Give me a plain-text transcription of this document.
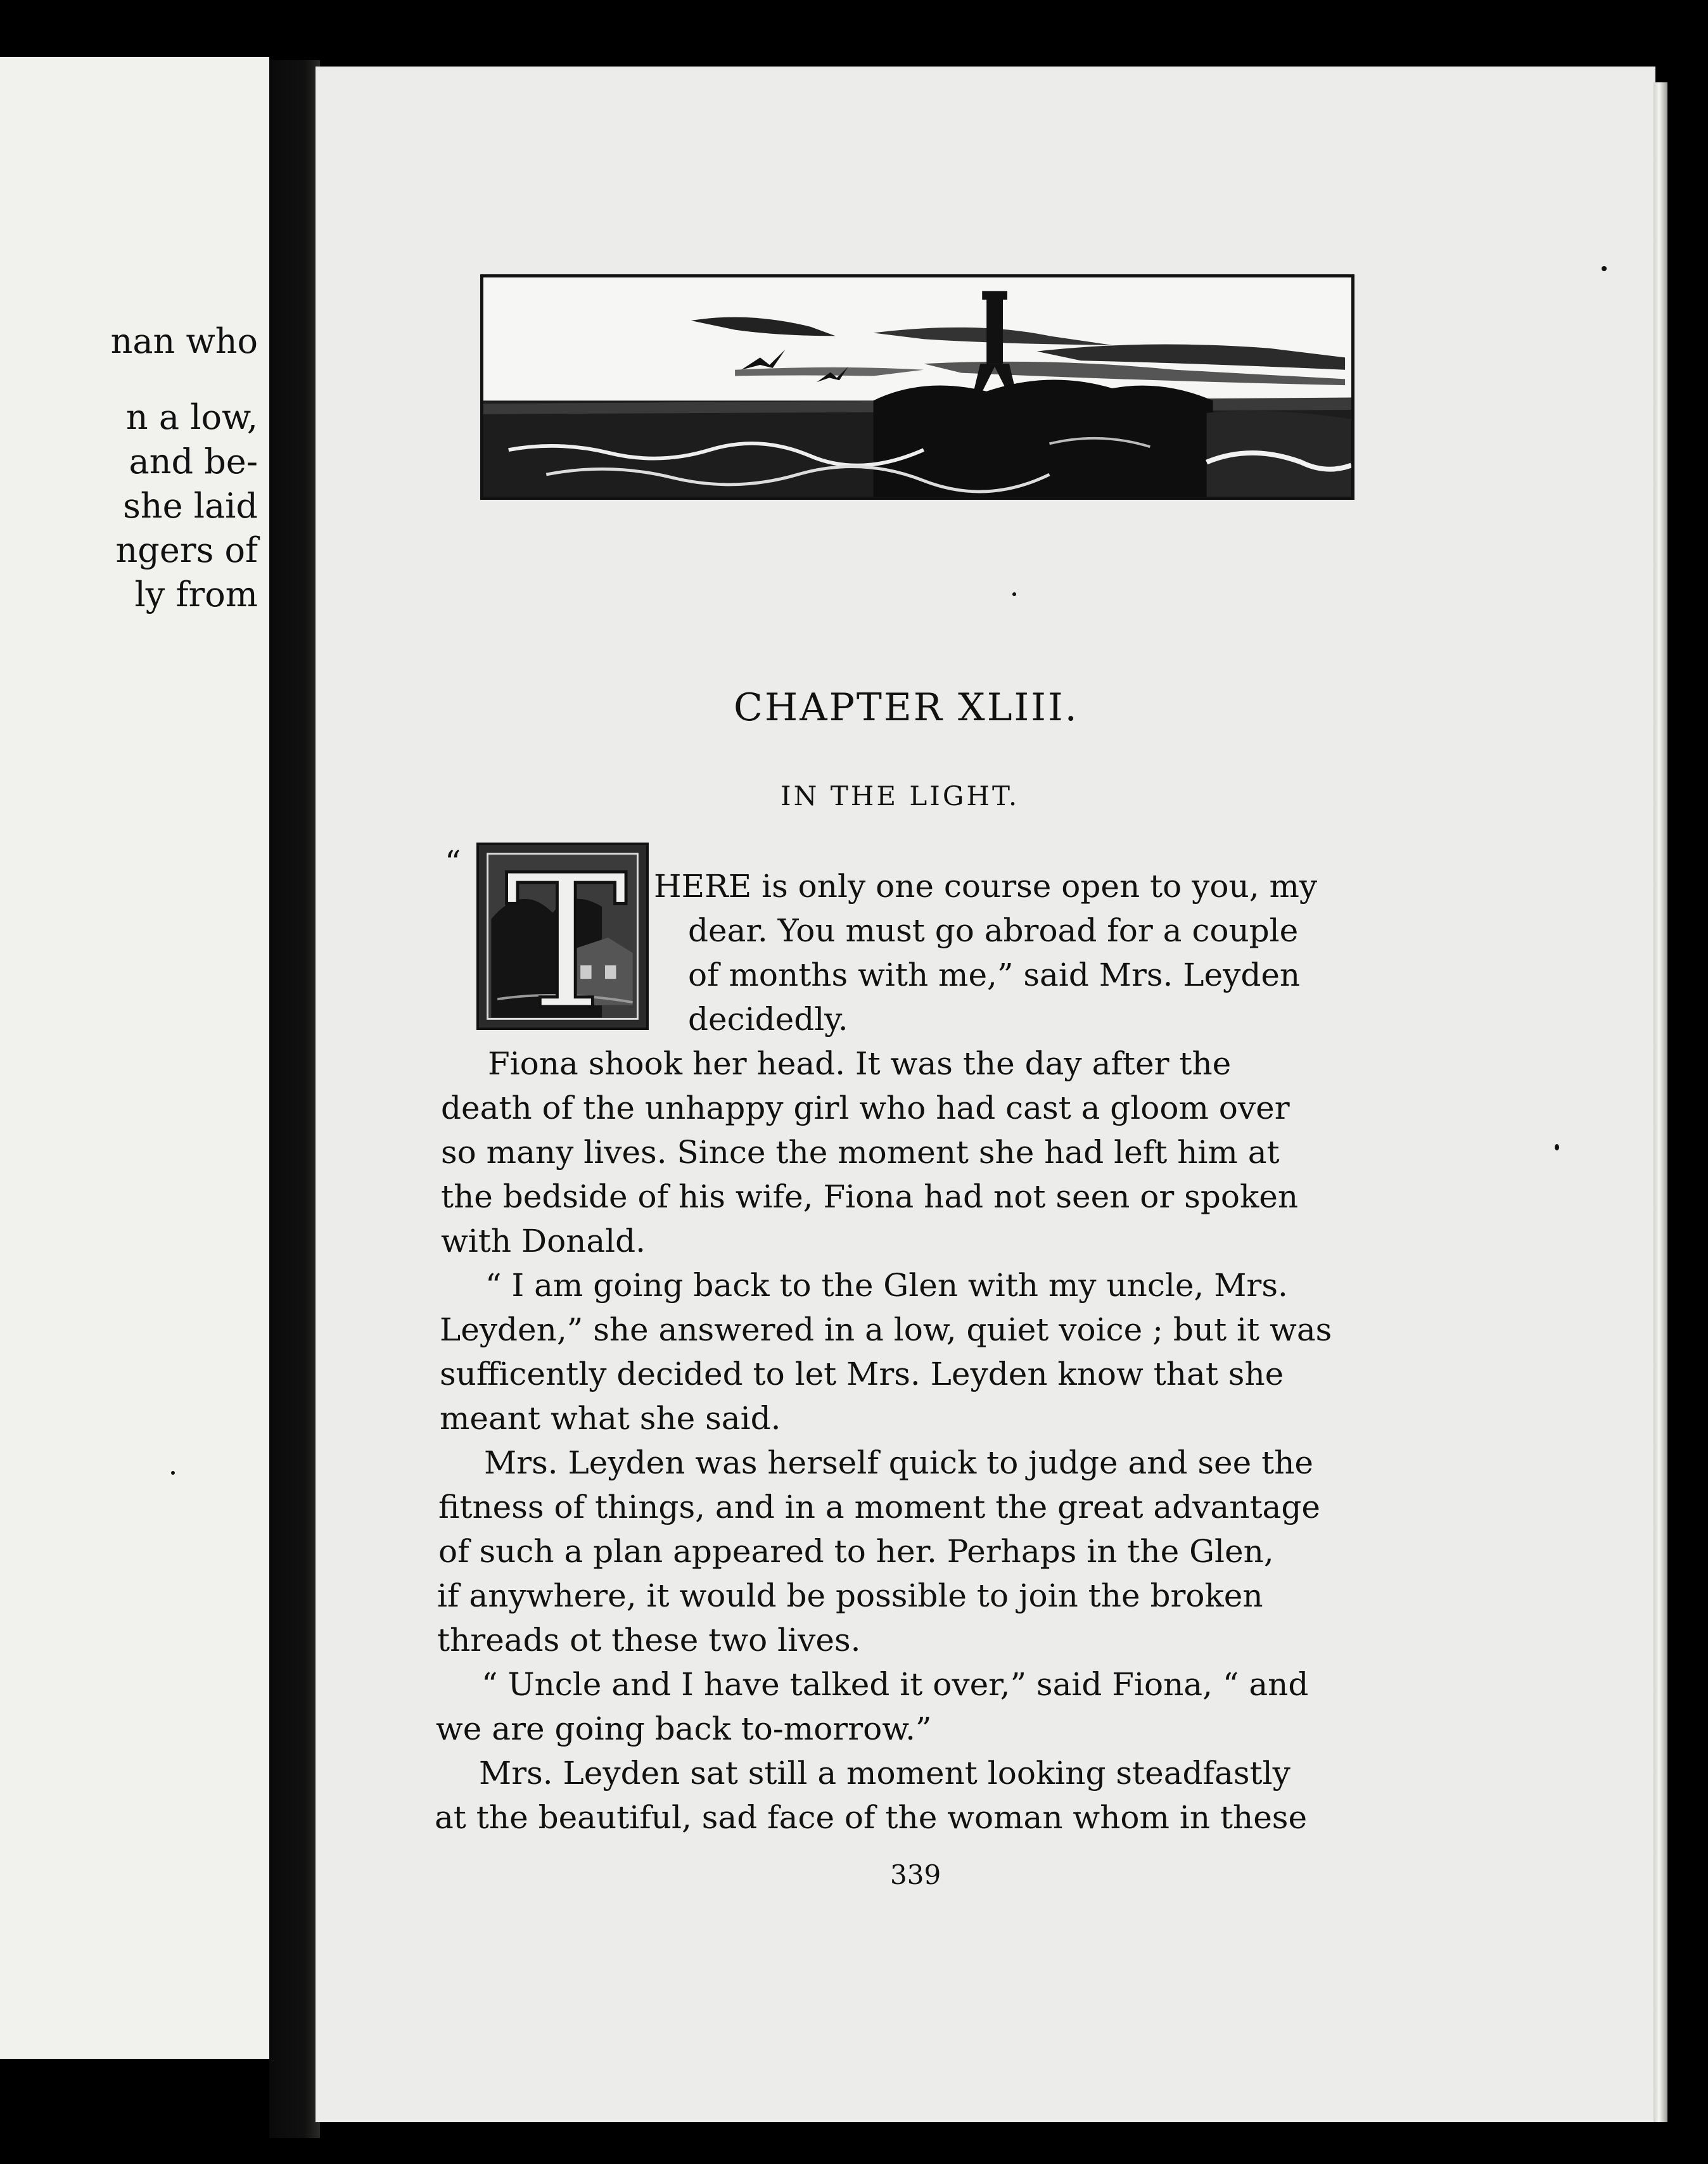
nan who
n a low,
and be-
she laid
ngers of
ly from
CHAPTER XLIII.
IN THE LIGHT.
“ T HERE is only one course open to you, my
dear. You must go abroad for a couple
of months with me,” said Mrs. Leyden
decidedly.
Fiona shook her head. It was the day after the
death of the unhappy girl who had cast a gloom over
so many lives. Since the moment she had left him at
the bedside of his wife, Fiona had not seen or spoken
with Donald.
“ I am going back to the Glen with my uncle, Mrs.
Leyden,” she answered in a low, quiet voice ; but it was
sufficently decided to let Mrs. Leyden know that she
meant what she said.
Mrs. Leyden was herself quick to judge and see the
fitness of things, and in a moment the great advantage
of such a plan appeared to her. Perhaps in the Glen,
if anywhere, it would be possible to join the broken
threads ot these two lives.
“ Uncle and I have talked it over,” said Fiona, “ and
we are going back to-morrow.”
Mrs. Leyden sat still a moment looking steadfastly
at the beautiful, sad face of the woman whom in these
339
